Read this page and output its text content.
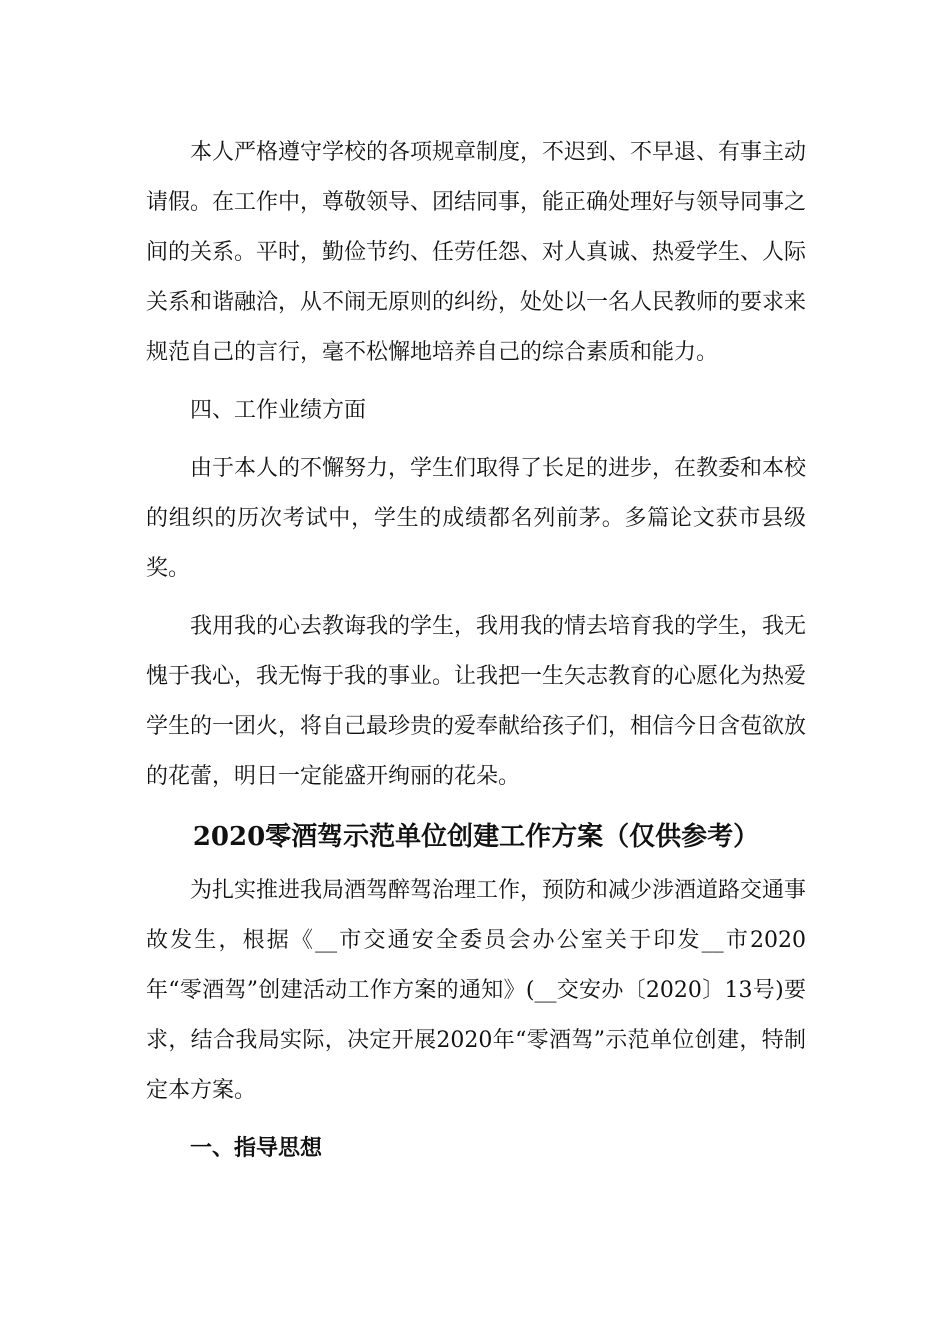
本人严格遵守学校的各项规章制度，不迟到、不早退、有事主动请假。在工作中，尊敬领导、团结同事，能正确处理好与领导同事之间的关系。平时，勤俭节约、任劳任怨、对人真诚、热爱学生、人际关系和谐融洽，从不闹无原则的纠纷，处处以一名人民教师的要求来规范自己的言行，毫不松懈地培养自己的综合素质和能力。

四、工作业绩方面

由于本人的不懈努力，学生们取得了长足的进步，在教委和本校的组织的历次考试中，学生的成绩都名列前茅。多篇论文获市县级奖。

我用我的心去教诲我的学生，我用我的情去培育我的学生，我无愧于我心，我无悔于我的事业。让我把一生矢志教育的心愿化为热爱学生的一团火，将自己最珍贵的爱奉献给孩子们，相信今日含苞欲放的花蕾，明日一定能盛开绚丽的花朵。

2020零酒驾示范单位创建工作方案（仅供参考）

为扎实推进我局酒驾醉驾治理工作，预防和减少涉酒道路交通事故发生，根据《__市交通安全委员会办公室关于印发__市2020年“零酒驾”创建活动工作方案的通知》(__交安办〔2020〕13号)要求，结合我局实际，决定开展2020年“零酒驾”示范单位创建，特制定本方案。

一、指导思想
